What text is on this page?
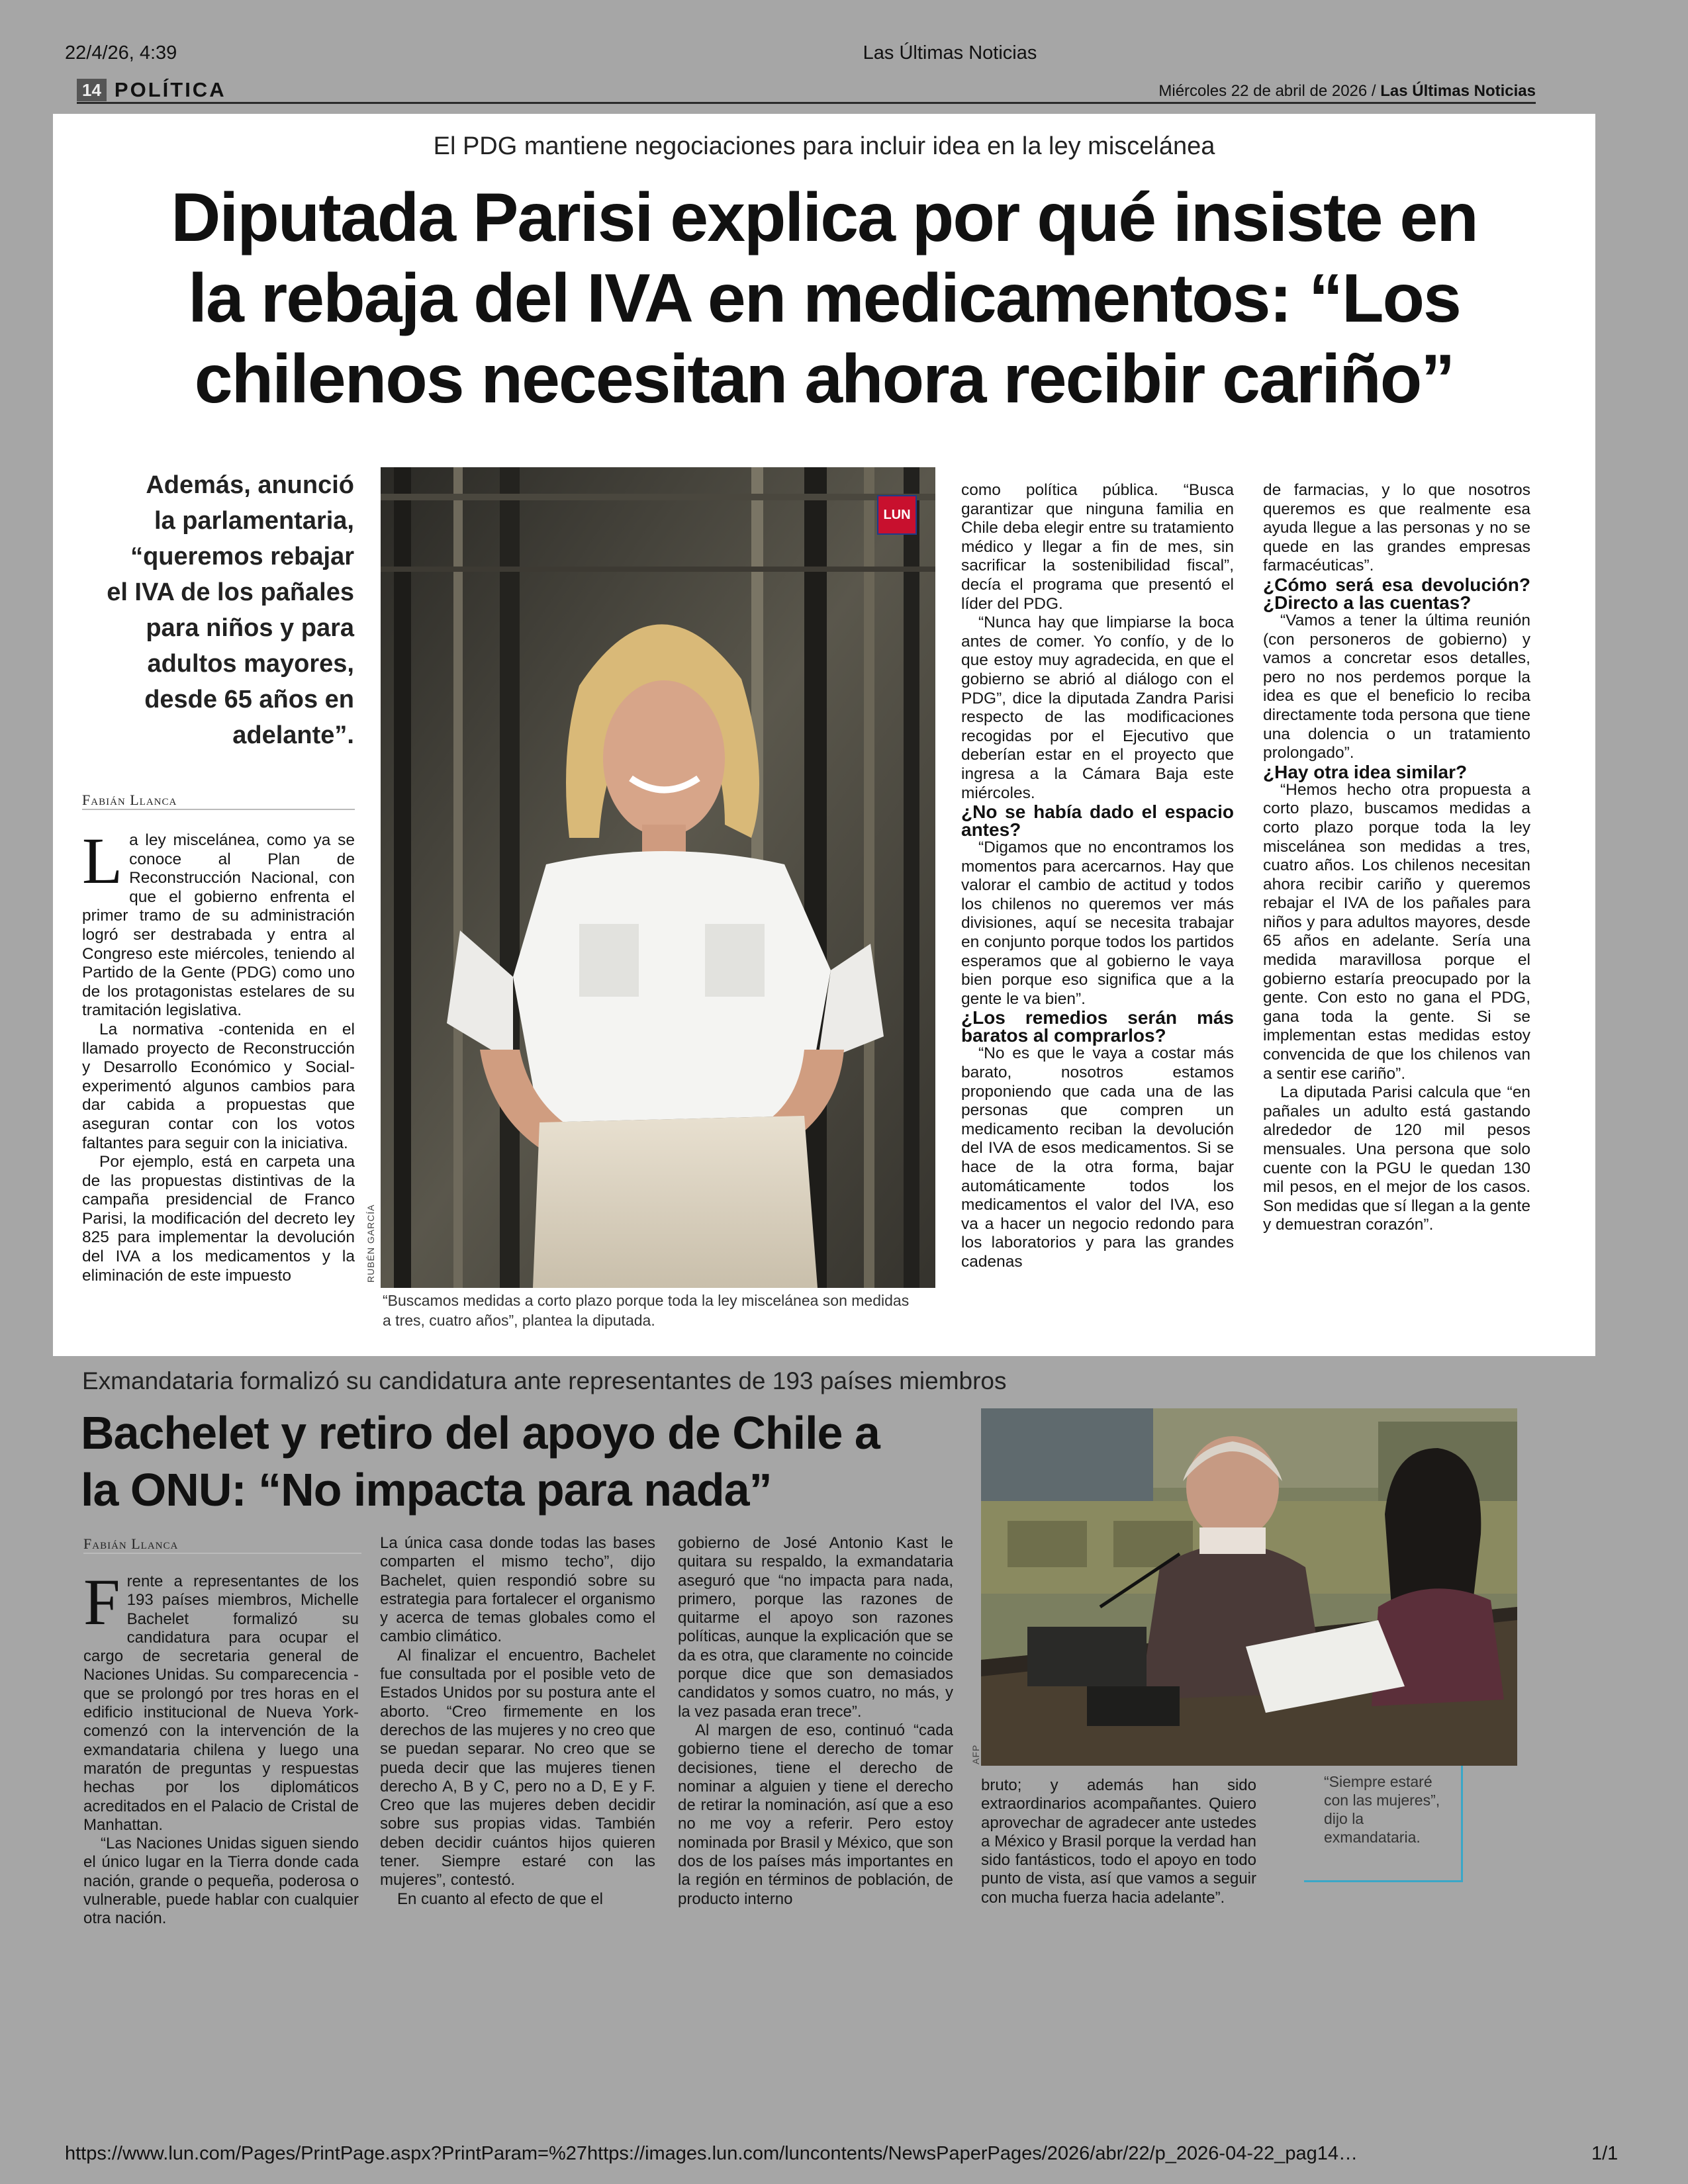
22/4/26, 4:39	Las Últimas Noticias
14 POLÍTICA	Miércoles 22 de abril de 2026 / Las Últimas Noticias
El PDG mantiene negociaciones para incluir idea en la ley misceláneа
Diputada Parisi explica por qué insiste en
la rebaja del IVA en medicamentos: “Los
chilenos necesitan ahora recibir cariño”
Además, anunció
la parlamentaria,
“queremos rebajar
el IVA de los pañales
para niños y para
adultos mayores,
desde 65 años en
adelante”.
Fabián Llanca

La ley misceláneа, como ya se conoce al Plan de Reconstrucción Nacional, con que el gobierno enfrenta el primer tramo de su administración logró ser destrabada y entra al Congreso este miércoles, teniendo al Partido de la Gente (PDG) como uno de los protagonistas estelares de su tramitación legislativa.

La normativa -contenida en el llamado proyecto de Reconstrucción y Desarrollo Económico y Social- experimentó algunos cambios para dar cabida a propuestas que aseguran contar con los votos faltantes para seguir con la iniciativa.

Por ejemplo, está en carpeta una de las propuestas distintivas de la campaña presidencial de Franco Parisi, la modificación del decreto ley 825 para implementar la devolución del IVA a los medicamentos y la eliminación de este impuesto

LUN
RUBÉN GARCÍA
“Buscamos medidas a corto plazo porque toda la ley misceláneа son medidas a tres, cuatro años”, plantea la diputada.

como política pública. “Busca garantizar que ninguna familia en Chile deba elegir entre su tratamiento médico y llegar a fin de mes, sin sacrificar la sostenibilidad fiscal”, decía el programa que presentó el líder del PDG.

“Nunca hay que limpiarse la boca antes de comer. Yo confío, y de lo que estoy muy agradecida, en que el gobierno se abrió al diálogo con el PDG”, dice la diputada Zandra Parisi respecto de las modificaciones recogidas por el Ejecutivo que deberían estar en el proyecto que ingresa a la Cámara Baja este miércoles.

¿No se había dado el espacio antes?

“Digamos que no encontramos los momentos para acercarnos. Hay que valorar el cambio de actitud y todos los chilenos no queremos ver más divisiones, aquí se necesita trabajar en conjunto porque todos los partidos esperamos que al gobierno le vaya bien porque eso significa que a la gente le va bien”.

¿Los remedios serán más baratos al comprarlos?

“No es que le vaya a costar más barato, nosotros estamos proponiendo que cada una de las personas que compren un medicamento reciban la devolución del IVA de esos medicamentos. Si se hace de la otra forma, bajar automáticamente todos los medicamentos el valor del IVA, eso va a hacer un negocio redondo para los laboratorios y para las grandes cadenas

de farmacias, y lo que nosotros queremos es que realmente esa ayuda llegue a las personas y no se quede en las grandes empresas farmacéuticas”.

¿Cómo será esa devolución? ¿Directo a las cuentas?

“Vamos a tener la última reunión (con personeros de gobierno) y vamos a concretar esos detalles, pero no nos perdemos porque la idea es que el beneficio lo reciba directamente toda persona que tiene una dolencia o un tratamiento prolongado”.

¿Hay otra idea similar?

“Hemos hecho otra propuesta a corto plazo, buscamos medidas a corto plazo porque toda la ley misceláneа son medidas a tres, cuatro años. Los chilenos necesitan ahora recibir cariño y queremos rebajar el IVA de los pañales para niños y para adultos mayores, desde 65 años en adelante. Sería una medida maravillosa porque el gobierno estaría preocupado por la gente. Con esto no gana el PDG, gana toda la gente. Si se implementan estas medidas estoy convencida de que los chilenos van a sentir ese cariño”.

La diputada Parisi calcula que “en pañales un adulto está gastando alrededor de 120 mil pesos mensuales. Una persona que solo cuente con la PGU le quedan 130 mil pesos, en el mejor de los casos. Son medidas que sí llegan a la gente y demuestran corazón”.

Exmandataria formalizó su candidatura ante representantes de 193 países miembros
Bachelet y retiro del apoyo de Chile a
la ONU: “No impacta para nada”
Fabián Llanca

Frente a representantes de los 193 países miembros, Michelle Bachelet formalizó su candidatura para ocupar el cargo de secretaria general de Naciones Unidas. Su comparecencia -que se prolongó por tres horas en el edificio institucional de Nueva York- comenzó con la intervención de la exmandataria chilena y luego una maratón de preguntas y respuestas hechas por los diplomáticos acreditados en el Palacio de Cristal de Manhattan.

“Las Naciones Unidas siguen siendo el único lugar en la Tierra donde cada nación, grande o pequeña, poderosa o vulnerable, puede hablar con cualquier otra nación.

La única casa donde todas las bases comparten el mismo techo”, dijo Bachelet, quien respondió sobre su estrategia para fortalecer el organismo y acerca de temas globales como el cambio climático.

Al finalizar el encuentro, Bachelet fue consultada por el posible veto de Estados Unidos por su postura ante el aborto. “Creo firmemente en los derechos de las mujeres y no creo que se puedan separar. No creo que se pueda decir que las mujeres tienen derecho A, B y C, pero no a D, E y F. Creo que las mujeres deben decidir sobre sus propias vidas. También deben decidir cuántos hijos quieren tener. Siempre estaré con las mujeres”, contestó.

En cuanto al efecto de que el

gobierno de José Antonio Kast le quitara su respaldo, la exmandataria aseguró que “no impacta para nada, primero, porque las razones de quitarme el apoyo son razones políticas, aunque la explicación que se da es otra, que claramente no coincide porque dice que son demasiados candidatos y somos cuatro, no más, y la vez pasada eran trece”.

Al margen de eso, continuó “cada gobierno tiene el derecho de tomar decisiones, tiene el derecho de nominar a alguien y tiene el derecho de retirar la nominación, así que a eso no me voy a referir. Pero estoy nominada por Brasil y México, que son dos de los países más importantes en la región en términos de población, de producto interno

AFP

bruto; y además han sido extraordinarios acompañantes. Quiero aprovechar de agradecer ante ustedes a México y Brasil porque la verdad han sido fantásticos, todo el apoyo en todo punto de vista, así que vamos a seguir con mucha fuerza hacia adelante”.

“Siempre estaré con las mujeres”, dijo la exmandataria.
https://www.lun.com/Pages/PrintPage.aspx?PrintParam=%27https://images.lun.com/luncontents/NewsPaperPages/2026/abr/22/p_2026-04-22_pag14…	1/1
